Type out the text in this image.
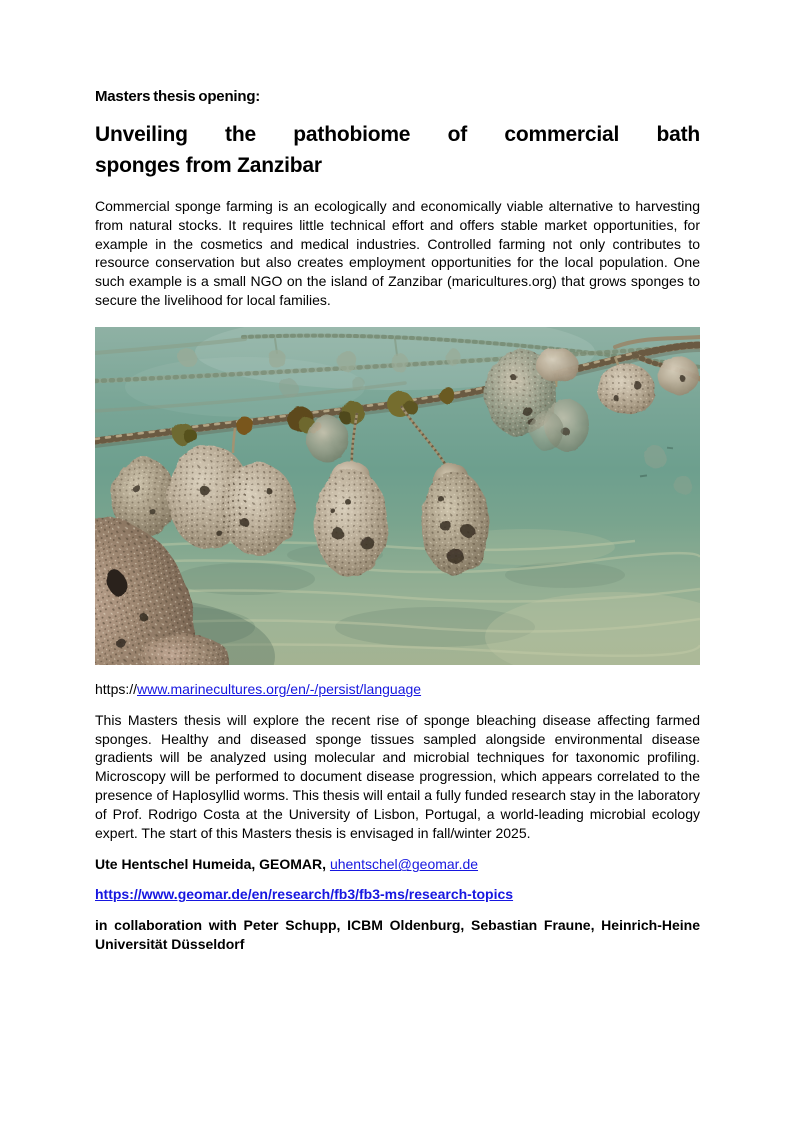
Masters thesis opening:

Unveiling the pathobiome of commercial bath
sponges from Zanzibar

Commercial sponge farming is an ecologically and economically viable alternative to harvesting from natural stocks. It requires little technical effort and offers stable market opportunities, for example in the cosmetics and medical industries. Controlled farming not only contributes to resource conservation but also creates employment opportunities for the local population. One such example is a small NGO on the island of Zanzibar (maricultures.org) that grows sponges to secure the livelihood for local families.

https://www.marinecultures.org/en/-/persist/language

This Masters thesis will explore the recent rise of sponge bleaching disease affecting farmed sponges. Healthy and diseased sponge tissues sampled alongside environmental disease gradients will be analyzed using molecular and microbial techniques for taxonomic profiling. Microscopy will be performed to document disease progression, which appears correlated to the presence of Haplosyllid worms. This thesis will entail a fully funded research stay in the laboratory of Prof. Rodrigo Costa at the University of Lisbon, Portugal, a world-leading microbial ecology expert. The start of this Masters thesis is envisaged in fall/winter 2025.

Ute Hentschel Humeida, GEOMAR, uhentschel@geomar.de

https://www.geomar.de/en/research/fb3/fb3-ms/research-topics

in collaboration with Peter Schupp, ICBM Oldenburg, Sebastian Fraune, Heinrich-Heine Universität Düsseldorf
